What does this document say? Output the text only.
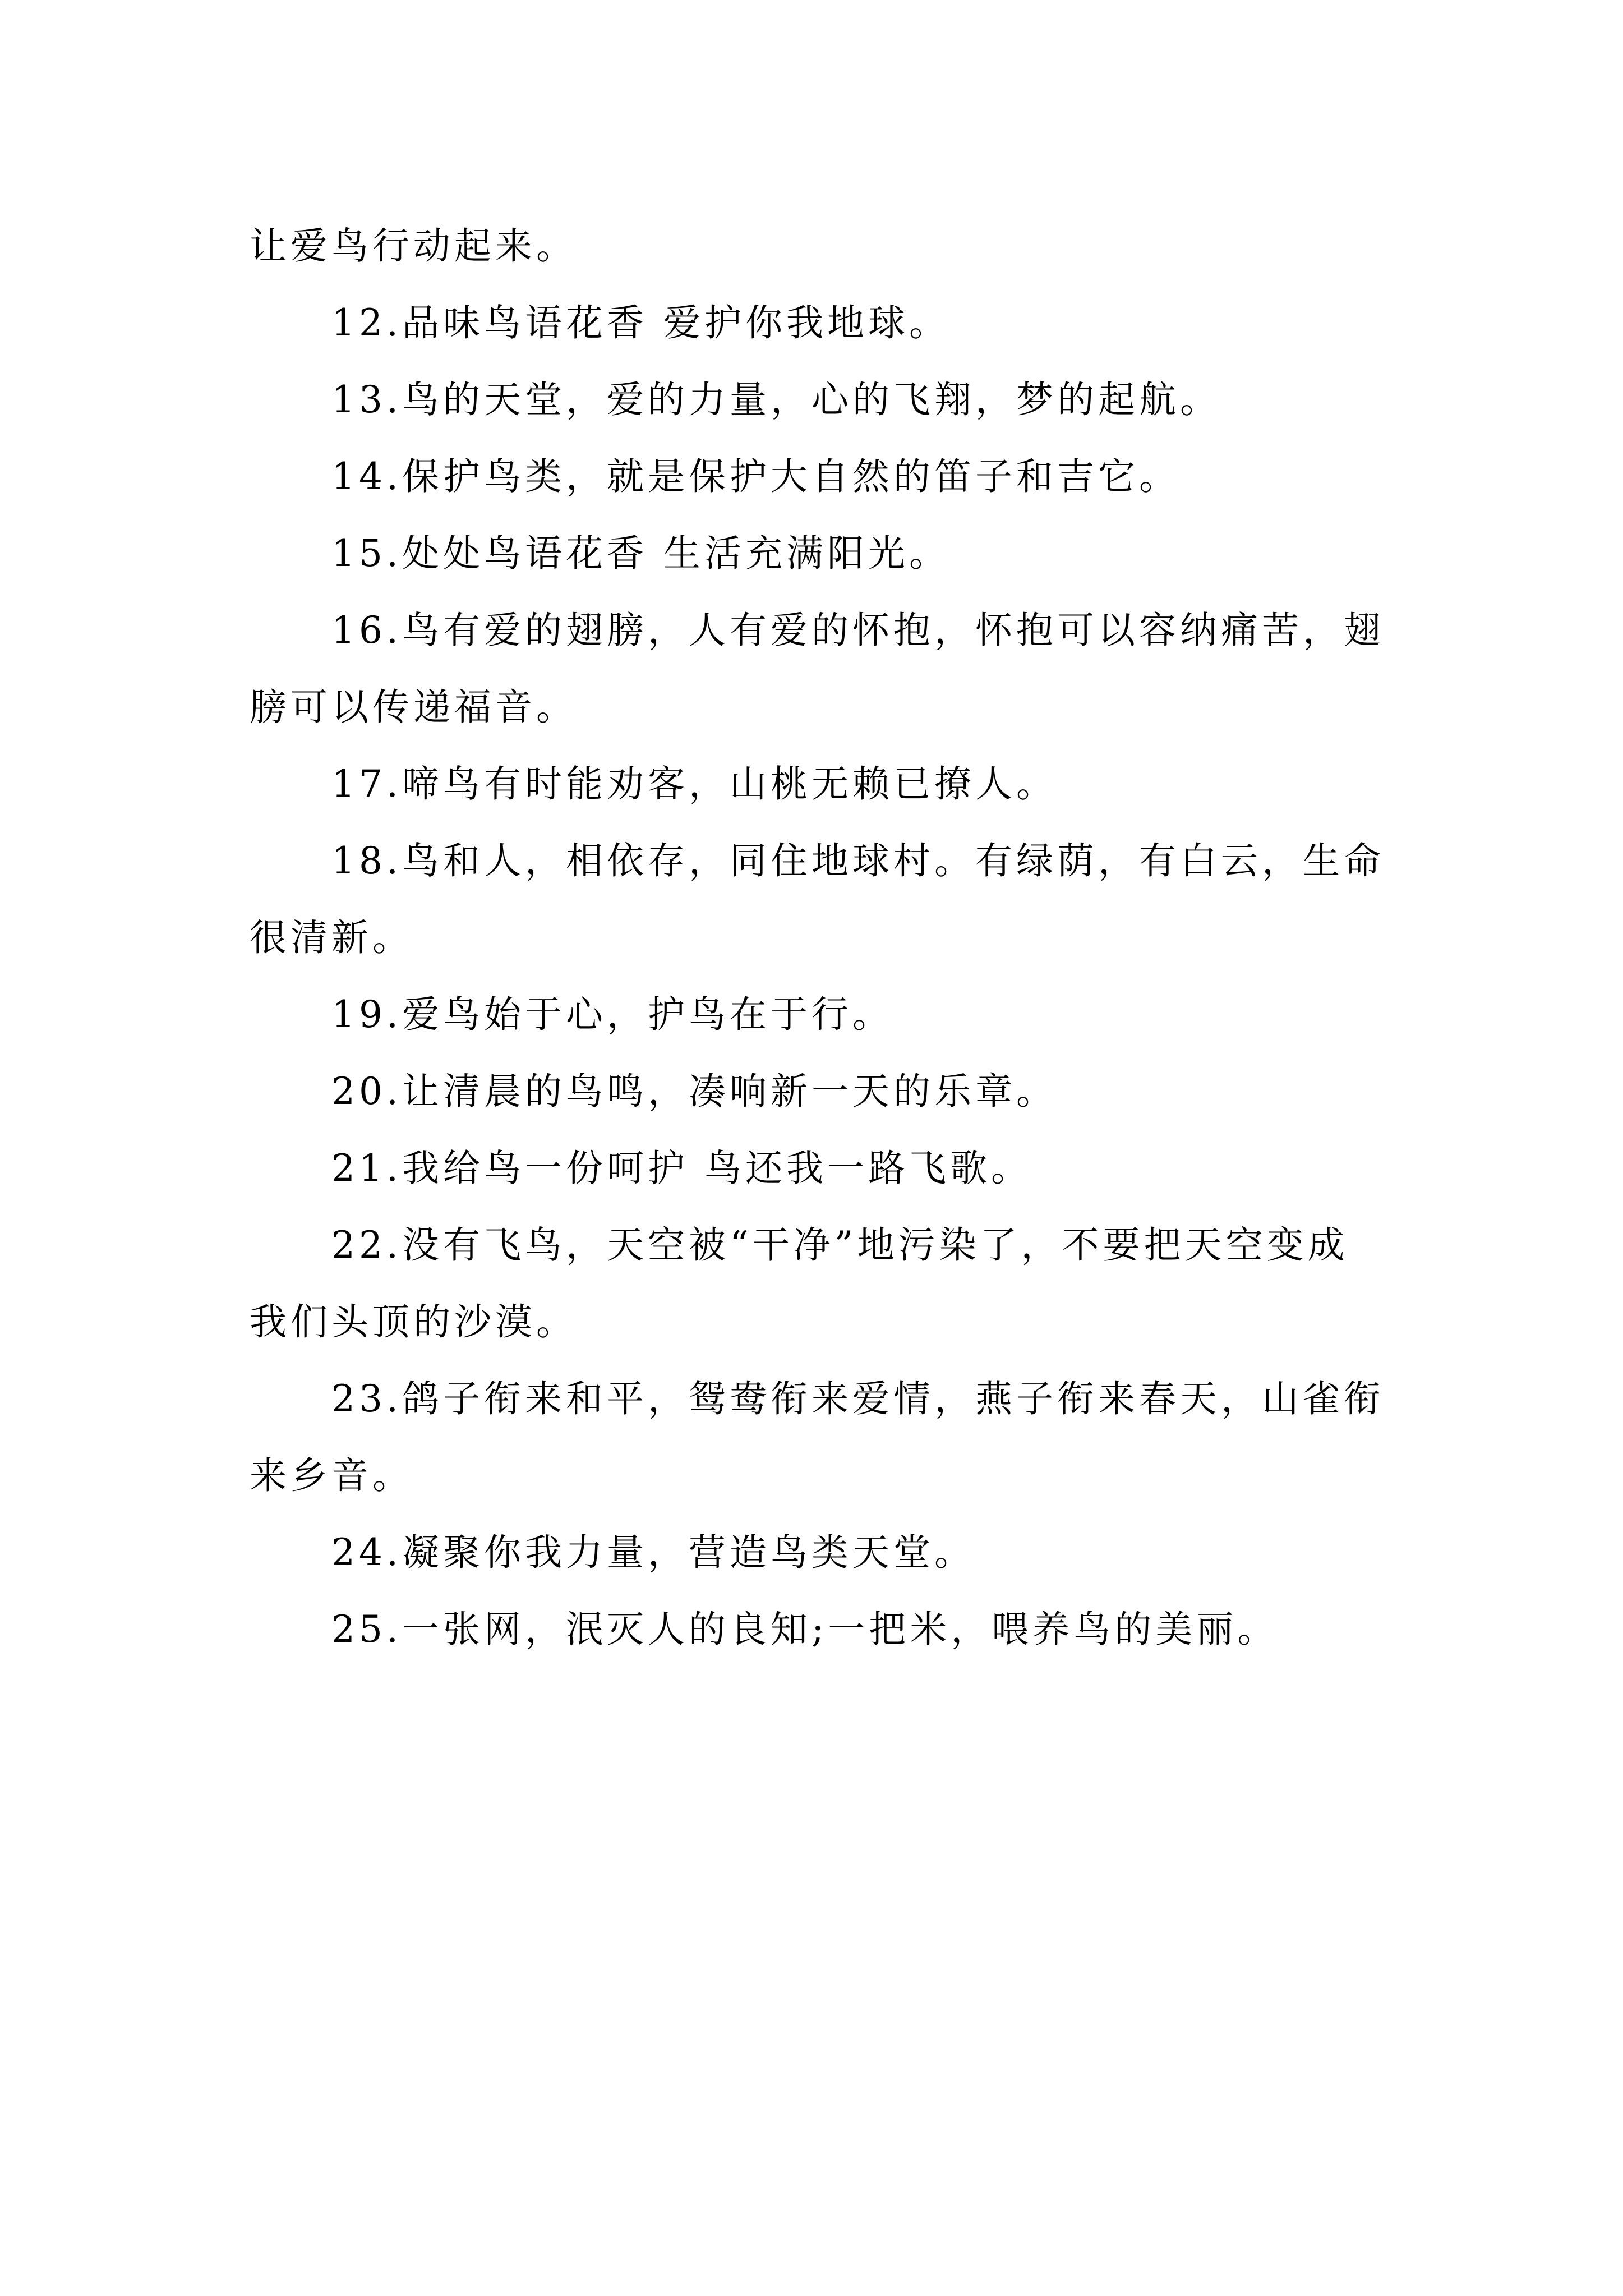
让爱鸟行动起来。

12.品味鸟语花香 爱护你我地球。

13.鸟的天堂，爱的力量，心的飞翔，梦的起航。

14.保护鸟类，就是保护大自然的笛子和吉它。

15.处处鸟语花香 生活充满阳光。

16.鸟有爱的翅膀，人有爱的怀抱，怀抱可以容纳痛苦，翅膀可以传递福音。

17.啼鸟有时能劝客，山桃无赖已撩人。

18.鸟和人，相依存，同住地球村。有绿荫，有白云，生命很清新。

19.爱鸟始于心，护鸟在于行。

20.让清晨的鸟鸣，凑响新一天的乐章。

21.我给鸟一份呵护 鸟还我一路飞歌。

22.没有飞鸟，天空被“干净”地污染了，不要把天空变成我们头顶的沙漠。

23.鸽子衔来和平，鸳鸯衔来爱情，燕子衔来春天，山雀衔来乡音。

24.凝聚你我力量，营造鸟类天堂。

25.一张网，泯灭人的良知;一把米，喂养鸟的美丽。
